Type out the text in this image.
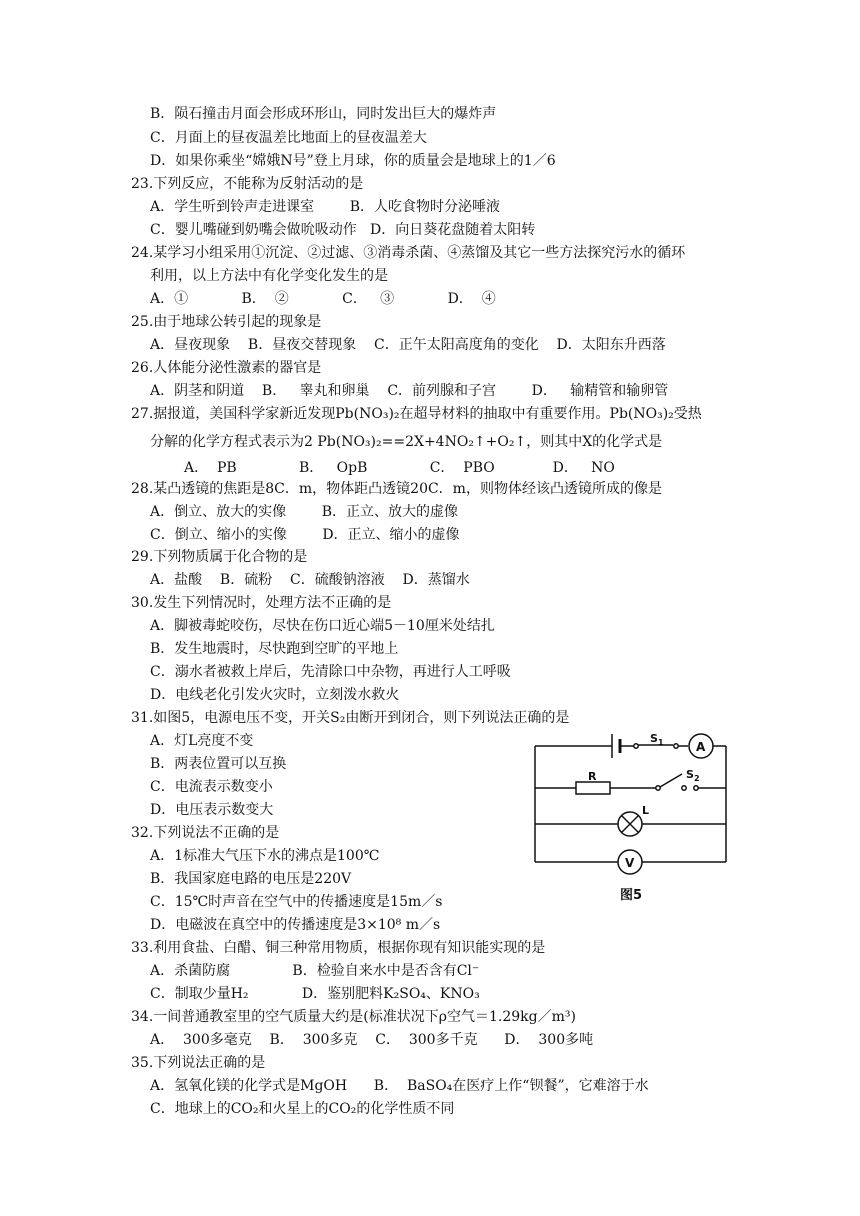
B．陨石撞击月面会形成环形山，同时发出巨大的爆炸声
C．月面上的昼夜温差比地面上的昼夜温差大
D．如果你乘坐“嫦娥N号”登上月球，你的质量会是地球上的1／6
23.下列反应，不能称为反射活动的是
A．学生听到铃声走进课室        B．人吃食物时分泌唾液
C．婴儿嘴碰到奶嘴会做吮吸动作   D．向日葵花盘随着太阳转
24.某学习小组采用①沉淀、②过滤、③消毒杀菌、④蒸馏及其它一些方法探究污水的循环
利用，以上方法中有化学变化发生的是
A．①            B．  ②            C．   ③            D．  ④
25.由于地球公转引起的现象是
A．昼夜现象    B．昼夜交替现象    C．正午太阳高度角的变化    D．太阳东升西落
26.人体能分泌性激素的器官是
A．阴茎和阴道    B．   睾丸和卵巢    C．前列腺和子宫        D．   输精管和输卵管
27.据报道，美国科学家新近发现Pb(NO₃)₂在超导材料的抽取中有重要作用。Pb(NO₃)₂受热
分解的化学方程式表示为2 Pb(NO₃)₂==2X+4NO₂↑+O₂↑，则其中X的化学式是
A．  PB              B．   OpB              C．  PBO             D．   NO
28.某凸透镜的焦距是8C．m，物体距凸透镜20C．m，则物体经该凸透镜所成的像是
A．倒立、放大的实像        B．正立、放大的虚像
C．倒立、缩小的实像        D．正立、缩小的虚像
29.下列物质属于化合物的是
A．盐酸    B．硫粉    C．硫酸钠溶液    D．蒸馏水
30.发生下列情况时，处理方法不正确的是
A．脚被毒蛇咬伤，尽快在伤口近心端5－10厘米处结扎
B．发生地震时，尽快跑到空旷的平地上
C．溺水者被救上岸后，先清除口中杂物，再进行人工呼吸
D．电线老化引发火灾时，立刻泼水救火
31.如图5，电源电压不变，开关S₂由断开到闭合，则下列说法正确的是
A．灯L亮度不变
B．两表位置可以互换
C．电流表示数变小
D．电压表示数变大
32.下列说法不正确的是
A．1标准大气压下水的沸点是100℃
B．我国家庭电路的电压是220V
C．15℃时声音在空气中的传播速度是15m／s
D．电磁波在真空中的传播速度是3×10⁸ m／s
33.利用食盐、白醋、铜三种常用物质，根据你现有知识能实现的是
A．杀菌防腐              B．检验自来水中是否含有Cl⁻
C．制取少量H₂            D．鉴别肥料K₂SO₄、KNO₃
34.一间普通教室里的空气质量大约是(标准状况下ρ空气＝1.29kg／m³)
A．  300多毫克    B．  300多克    C．  300多千克      D．  300多吨
35.下列说法正确的是
A．氢氧化镁的化学式是MgOH      B．  BaSO₄在医疗上作“钡餐”，它难溶于水
C．地球上的CO₂和火星上的CO₂的化学性质不同
$S_1$	A
R	$S_2$
L
V
图5
